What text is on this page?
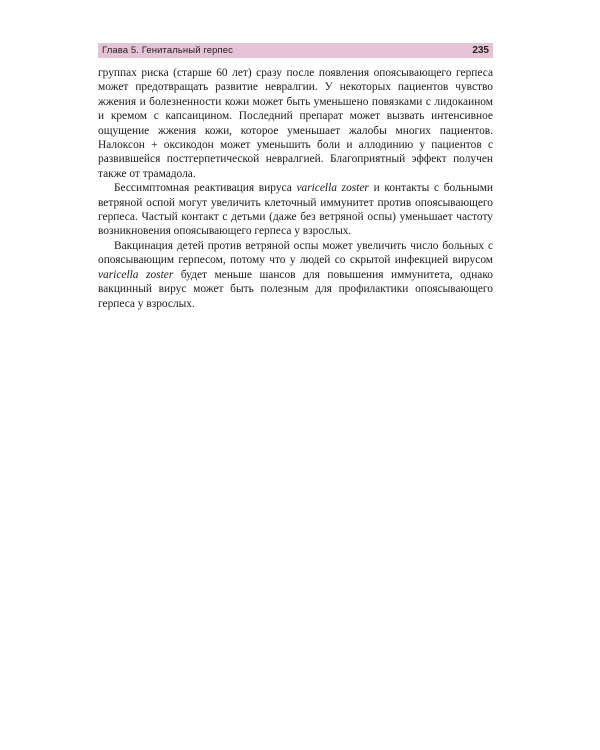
Глава 5. Генитальный герпес	235

группах риска (старше 60 лет) сразу после появления опоясывающего герпеса может предотвращать развитие невралгии. У некоторых пациентов чувство жжения и болезненности кожи может быть уменьшено повязками с лидокаином и кремом с капсаицином. Последний препарат может вызвать интенсивное ощущение жжения кожи, которое уменьшает жалобы многих пациентов. Налоксон + оксикодон может уменьшить боли и аллодинию у пациентов с развившейся постгерпетической невралгией. Благоприятный эффект получен также от трамадола.

Бессимптомная реактивация вируса varicella zoster и контакты с больными ветряной оспой могут увеличить клеточный иммунитет против опоясывающего герпеса. Частый контакт с детьми (даже без ветряной оспы) уменьшает частоту возникновения опоясывающего герпеса у взрослых.

Вакцинация детей против ветряной оспы может увеличить число больных с опоясывающим герпесом, потому что у людей со скрытой инфекцией вирусом varicella zoster будет меньше шансов для повышения иммунитета, однако вакцинный вирус может быть полезным для профилактики опоясывающего герпеса у взрослых.
